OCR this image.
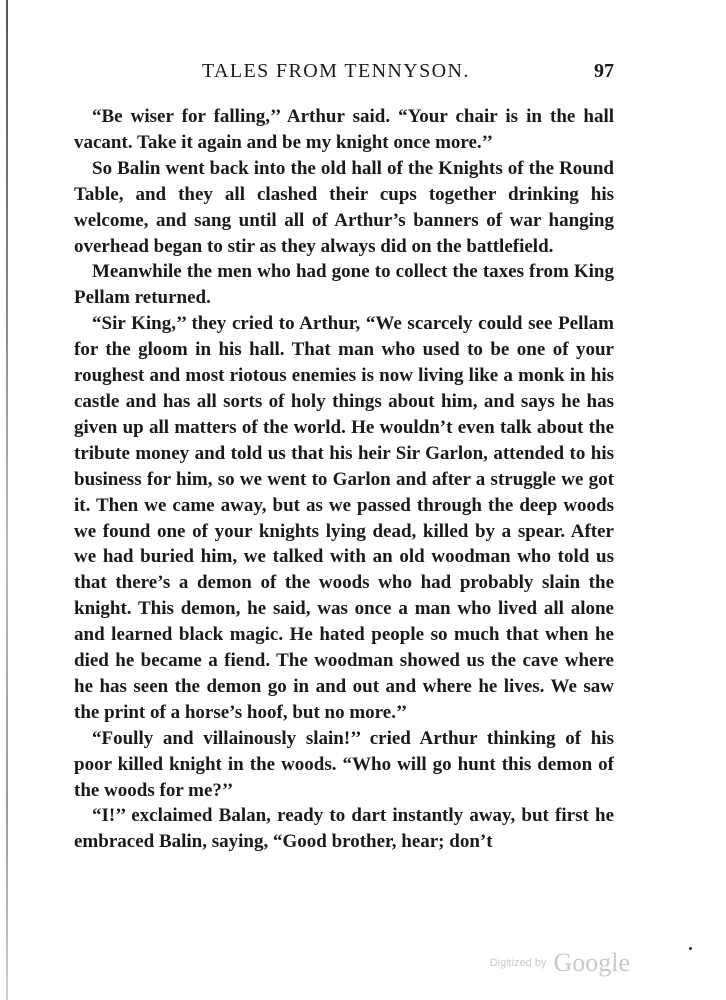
TALES FROM TENNYSON.	97

“Be wiser for falling,’’ Arthur said. “Your chair is in the hall vacant. Take it again and be my knight once more.’’

So Balin went back into the old hall of the Knights of the Round Table, and they all clashed their cups together drinking his welcome, and sang until all of Arthur’s banners of war hanging overhead began to stir as they always did on the battlefield.

Meanwhile the men who had gone to collect the taxes from King Pellam returned.

“Sir King,’’ they cried to Arthur, “We scarcely could see Pellam for the gloom in his hall. That man who used to be one of your roughest and most riotous enemies is now living like a monk in his castle and has all sorts of holy things about him, and says he has given up all matters of the world. He wouldn’t even talk about the tribute money and told us that his heir Sir Garlon, attended to his business for him, so we went to Garlon and after a struggle we got it. Then we came away, but as we passed through the deep woods we found one of your knights lying dead, killed by a spear. After we had buried him, we talked with an old woodman who told us that there’s a demon of the woods who had probably slain the knight. This demon, he said, was once a man who lived all alone and learned black magic. He hated people so much that when he died he became a fiend. The woodman showed us the cave where he has seen the demon go in and out and where he lives. We saw the print of a horse’s hoof, but no more.’’

“Foully and villainously slain!’’ cried Arthur thinking of his poor killed knight in the woods. “Who will go hunt this demon of the woods for me?’’

“I!’’ exclaimed Balan, ready to dart instantly away, but first he embraced Balin, saying, “Good brother, hear; don’t

Digitized by Google
